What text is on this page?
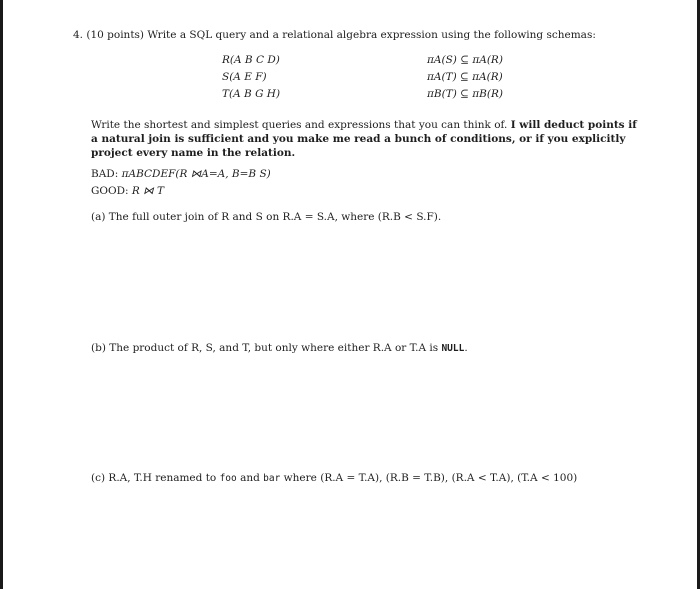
4. (10 points) Write a SQL query and a relational algebra expression using the following schemas:
R(A B C D)
S(A E F)
T(A B G H)
πA(S) ⊆ πA(R)
πA(T) ⊆ πA(R)
πB(T) ⊆ πB(R)
Write the shortest and simplest queries and expressions that you can think of. I will deduct points if a natural join is sufficient and you make me read a bunch of conditions, or if you explicitly project every name in the relation.
BAD: πABCDEF(R ⋈A=A, B=B S)
GOOD: R ⋈ T
(a) The full outer join of R and S on R.A = S.A, where (R.B < S.F).
(b) The product of R, S, and T, but only where either R.A or T.A is NULL.
(c) R.A, T.H renamed to foo and bar where (R.A = T.A), (R.B = T.B), (R.A < T.A), (T.A < 100)
